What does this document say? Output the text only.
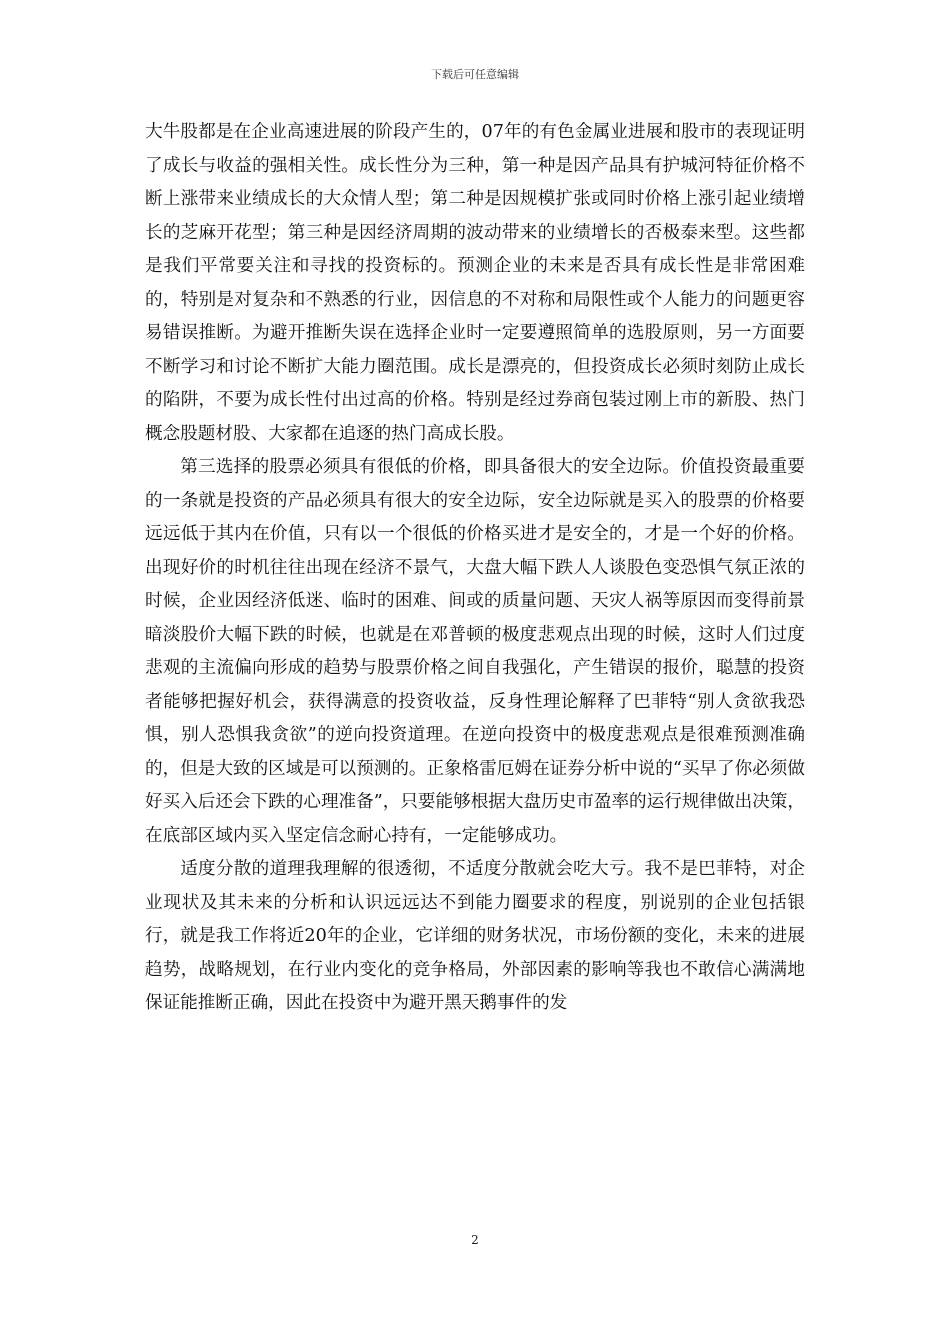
下载后可任意编辑

大牛股都是在企业高速进展的阶段产生的，07年的有色金属业进展和股市的表现证明了成长与收益的强相关性。成长性分为三种，第一种是因产品具有护城河特征价格不断上涨带来业绩成长的大众情人型；第二种是因规模扩张或同时价格上涨引起业绩增长的芝麻开花型；第三种是因经济周期的波动带来的业绩增长的否极泰来型。这些都是我们平常要关注和寻找的投资标的。预测企业的未来是否具有成长性是非常困难的，特别是对复杂和不熟悉的行业，因信息的不对称和局限性或个人能力的问题更容易错误推断。为避开推断失误在选择企业时一定要遵照简单的选股原则，另一方面要不断学习和讨论不断扩大能力圈范围。成长是漂亮的，但投资成长必须时刻防止成长的陷阱，不要为成长性付出过高的价格。特别是经过券商包装过刚上市的新股、热门概念股题材股、大家都在追逐的热门高成长股。

第三选择的股票必须具有很低的价格，即具备很大的安全边际。价值投资最重要的一条就是投资的产品必须具有很大的安全边际，安全边际就是买入的股票的价格要远远低于其内在价值，只有以一个很低的价格买进才是安全的，才是一个好的价格。出现好价的时机往往出现在经济不景气，大盘大幅下跌人人谈股色变恐惧气氛正浓的时候，企业因经济低迷、临时的困难、间或的质量问题、天灾人祸等原因而变得前景暗淡股价大幅下跌的时候，也就是在邓普顿的极度悲观点出现的时候，这时人们过度悲观的主流偏向形成的趋势与股票价格之间自我强化，产生错误的报价，聪慧的投资者能够把握好机会，获得满意的投资收益，反身性理论解释了巴菲特“别人贪欲我恐惧，别人恐惧我贪欲”的逆向投资道理。在逆向投资中的极度悲观点是很难预测准确的，但是大致的区域是可以预测的。正象格雷厄姆在证券分析中说的“买早了你必须做好买入后还会下跌的心理准备”，只要能够根据大盘历史市盈率的运行规律做出决策，在底部区域内买入坚定信念耐心持有，一定能够成功。

适度分散的道理我理解的很透彻，不适度分散就会吃大亏。我不是巴菲特，对企业现状及其未来的分析和认识远远达不到能力圈要求的程度，别说别的企业包括银行，就是我工作将近20年的企业，它详细的财务状况，市场份额的变化，未来的进展趋势，战略规划，在行业内变化的竞争格局，外部因素的影响等我也不敢信心满满地保证能推断正确，因此在投资中为避开黑天鹅事件的发

2
